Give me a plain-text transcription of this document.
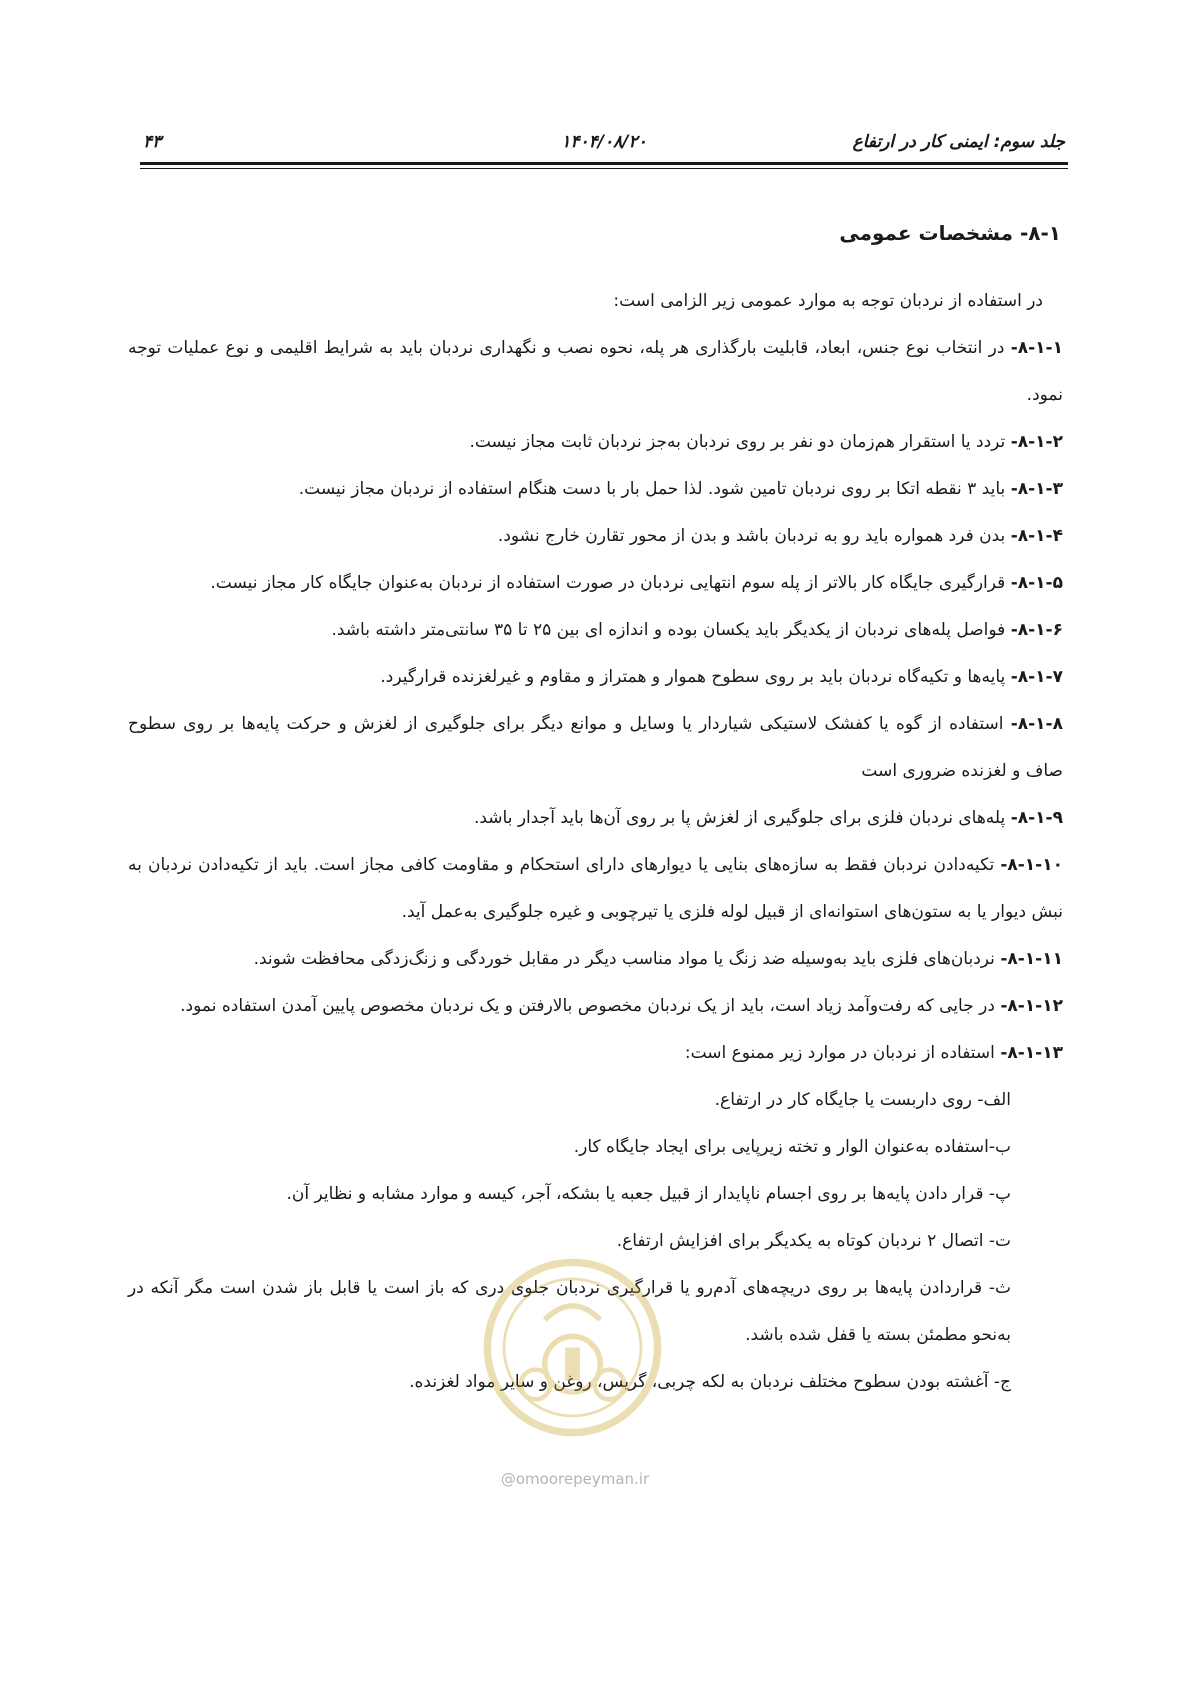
جلد سوم: ایمنی کار در ارتفاع
۱۴۰۴/۰۸/۲۰
۴۳
۸-۱- مشخصات عمومی

در استفاده از نردبان توجه به موارد عمومی زیر الزامی است:

۸-۱-۱- در انتخاب نوع جنس، ابعاد، قابلیت بارگذاری هر پله، نحوه نصب و نگهداری نردبان باید به شرایط اقلیمی و نوع عملیات توجه نمود.

۸-۱-۲- تردد یا استقرار هم‌زمان دو نفر بر روی نردبان به‌جز نردبان ثابت مجاز نیست.

۸-۱-۳- باید ۳ نقطه اتکا بر روی نردبان تامین شود. لذا حمل بار با دست هنگام استفاده از نردبان مجاز نیست.

۸-۱-۴- بدن فرد همواره باید رو به نردبان باشد و بدن از محور تقارن خارج نشود.

۸-۱-۵- قرارگیری جایگاه کار بالاتر از پله سوم انتهایی نردبان در صورت استفاده از نردبان به‌عنوان جایگاه کار مجاز نیست.

۸-۱-۶- فواصل پله‌های نردبان از یکدیگر باید یکسان بوده و اندازه ای بین ۲۵ تا ۳۵ سانتی‌متر داشته باشد.

۸-۱-۷- پایه‌ها و تکیه‌گاه نردبان باید بر روی سطوح هموار و همتراز و مقاوم و غیرلغزنده قرارگیرد.

۸-۱-۸- استفاده از گوه یا کفشک لاستیکی شیاردار یا وسایل و موانع دیگر برای جلوگیری از لغزش و حرکت پایه‌ها بر روی سطوح صاف و لغزنده ضروری است

۸-۱-۹- پله‌های نردبان فلزی برای جلوگیری از لغزش پا بر روی آن‌ها باید آجدار باشد.

۸-۱-۱۰- تکیه‌دادن نردبان فقط به سازه‌های بنایی یا دیوارهای دارای استحکام و مقاومت کافی مجاز است. باید از تکیه‌دادن نردبان به نبش دیوار یا به ستون‌های استوانه‌ای از قبیل لوله فلزی یا تیرچوبی و غیره جلوگیری به‌عمل آید.

۸-۱-۱۱- نردبان‌های فلزی باید به‌وسیله ضد زنگ یا مواد مناسب دیگر در مقابل خوردگی و زنگ‌زدگی محافظت شوند.

۸-۱-۱۲- در جایی که رفت‌وآمد زیاد است، باید از یک نردبان مخصوص بالارفتن و یک نردبان مخصوص پایین آمدن استفاده نمود.

۸-۱-۱۳- استفاده از نردبان در موارد زیر ممنوع است:

الف- روی داربست یا جایگاه کار در ارتفاع.
ب-استفاده به‌عنوان الوار و تخته زیرپایی برای ایجاد جایگاه کار.
پ- قرار دادن پایه‌ها بر روی اجسام ناپایدار از قبیل جعبه یا بشکه، آجر، کیسه و موارد مشابه و نظایر آن.
ت- اتصال ۲ نردبان کوتاه به یکدیگر برای افزایش ارتفاع.
ث- قراردادن پایه‌ها بر روی دریچه‌های آدم‌رو یا قرارگیری نردبان جلوی دری که باز است یا قابل باز شدن است مگر آنکه در به‌نحو مطمئن بسته یا قفل شده باشد.
ج- آغشته بودن سطوح مختلف نردبان به لکه چربی، گریس، روغن و سایر مواد لغزنده.
@omoorepeyman.ir
